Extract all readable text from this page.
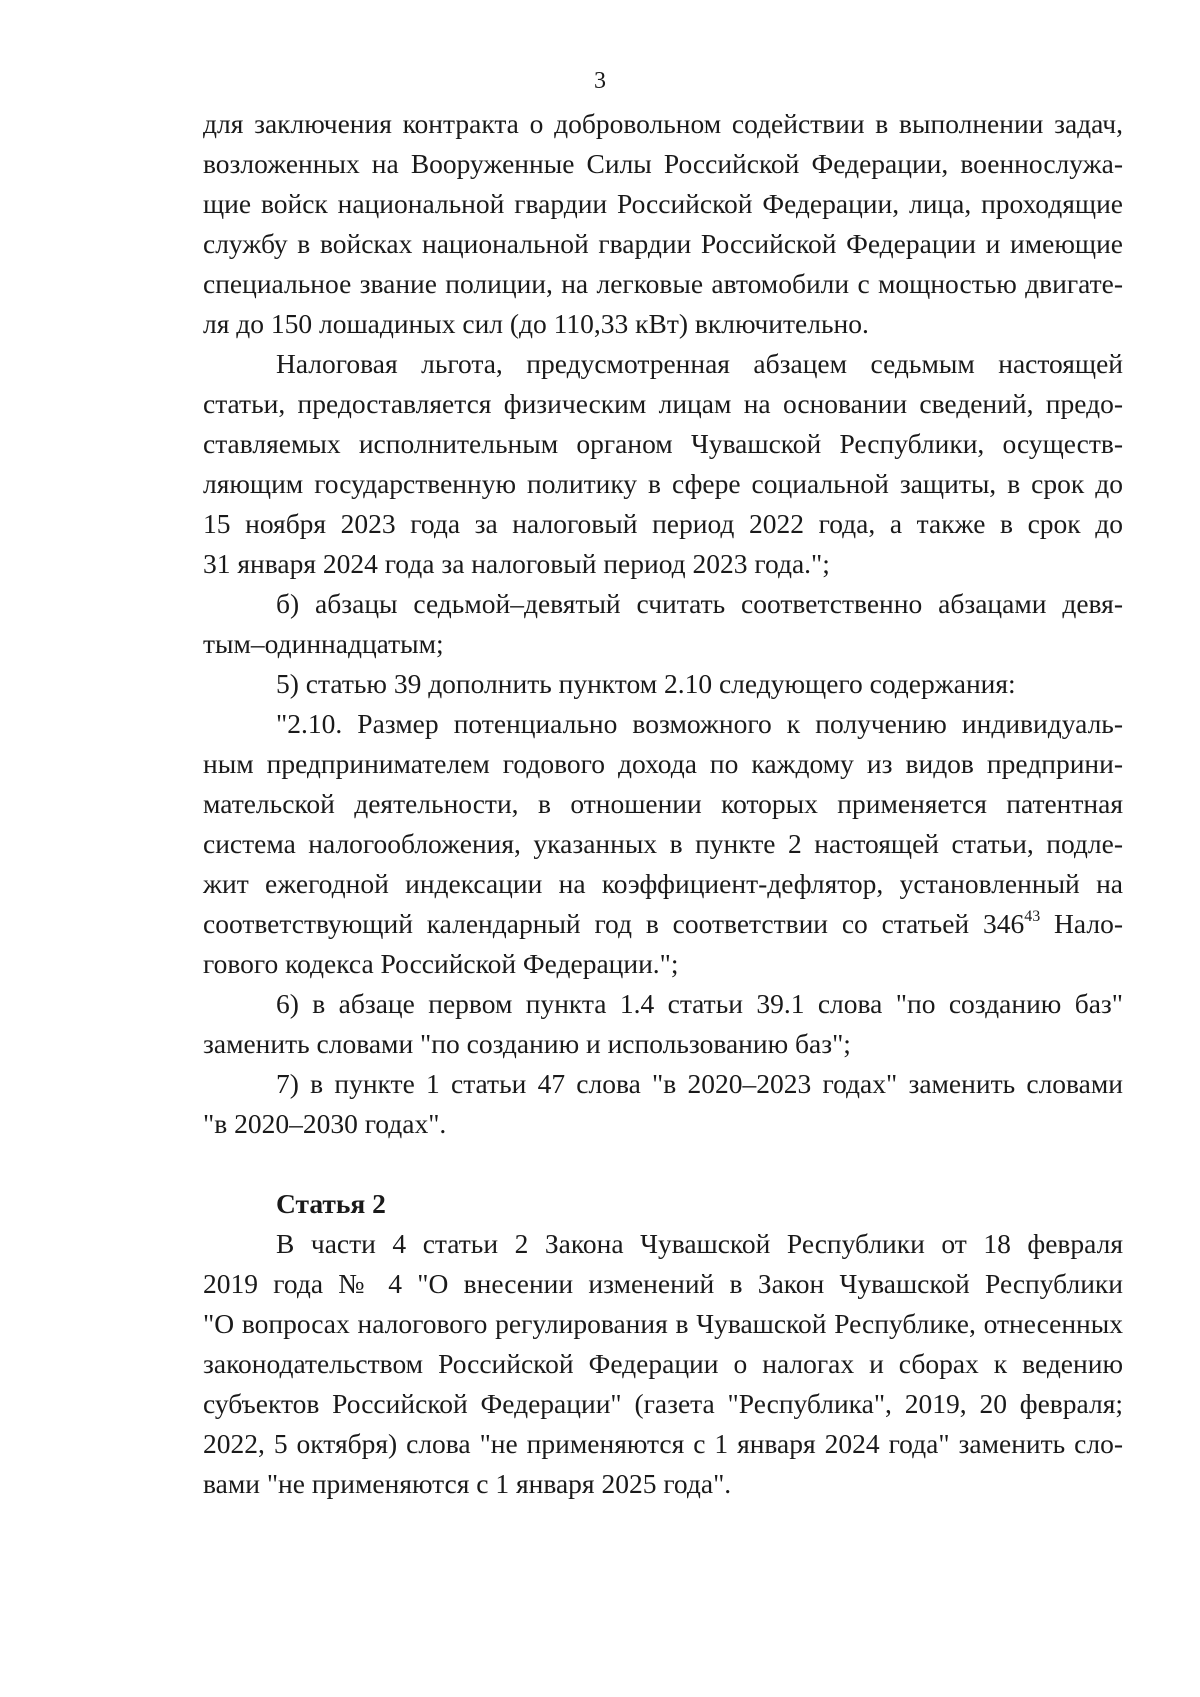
3
для заключения контракта о добровольном содействии в выполнении задач,
возложенных на Вооруженные Силы Российской Федерации, военнослужа-
щие войск национальной гвардии Российской Федерации, лица, проходящие
службу в войсках национальной гвардии Российской Федерации и имеющие
специальное звание полиции, на легковые автомобили с мощностью двигате-
ля до 150 лошадиных сил (до 110,33 кВт) включительно.
Налоговая льгота, предусмотренная абзацем седьмым настоящей
статьи, предоставляется физическим лицам на основании сведений, предо-
ставляемых исполнительным органом Чувашской Республики, осуществ-
ляющим государственную политику в сфере социальной защиты, в срок до
15 ноября 2023 года за налоговый период 2022 года, а также в срок до
31 января 2024 года за налоговый период 2023 года.";
б) абзацы седьмой–девятый считать соответственно абзацами девя-
тым–одиннадцатым;
5) статью 39 дополнить пунктом 2.10 следующего содержания:
"2.10. Размер потенциально возможного к получению индивидуаль-
ным предпринимателем годового дохода по каждому из видов предприни-
мательской деятельности, в отношении которых применяется патентная
система налогообложения, указанных в пункте 2 настоящей статьи, подле-
жит ежегодной индексации на коэффициент-дефлятор, установленный на
соответствующий календарный год в соответствии со статьей $346^{43}$ Нало-
гового кодекса Российской Федерации.";
6) в абзаце первом пункта 1.4 статьи 39.1 слова "по созданию баз"
заменить словами "по созданию и использованию баз";
7) в пункте 1 статьи 47 слова "в 2020–2023 годах" заменить словами
"в 2020–2030 годах".
Статья 2
В части 4 статьи 2 Закона Чувашской Республики от 18 февраля
2019 года № 4 "О внесении изменений в Закон Чувашской Республики
"О вопросах налогового регулирования в Чувашской Республике, отнесенных
законодательством Российской Федерации о налогах и сборах к ведению
субъектов Российской Федерации" (газета "Республика", 2019, 20 февраля;
2022, 5 октября) слова "не применяются с 1 января 2024 года" заменить сло-
вами "не применяются с 1 января 2025 года".
